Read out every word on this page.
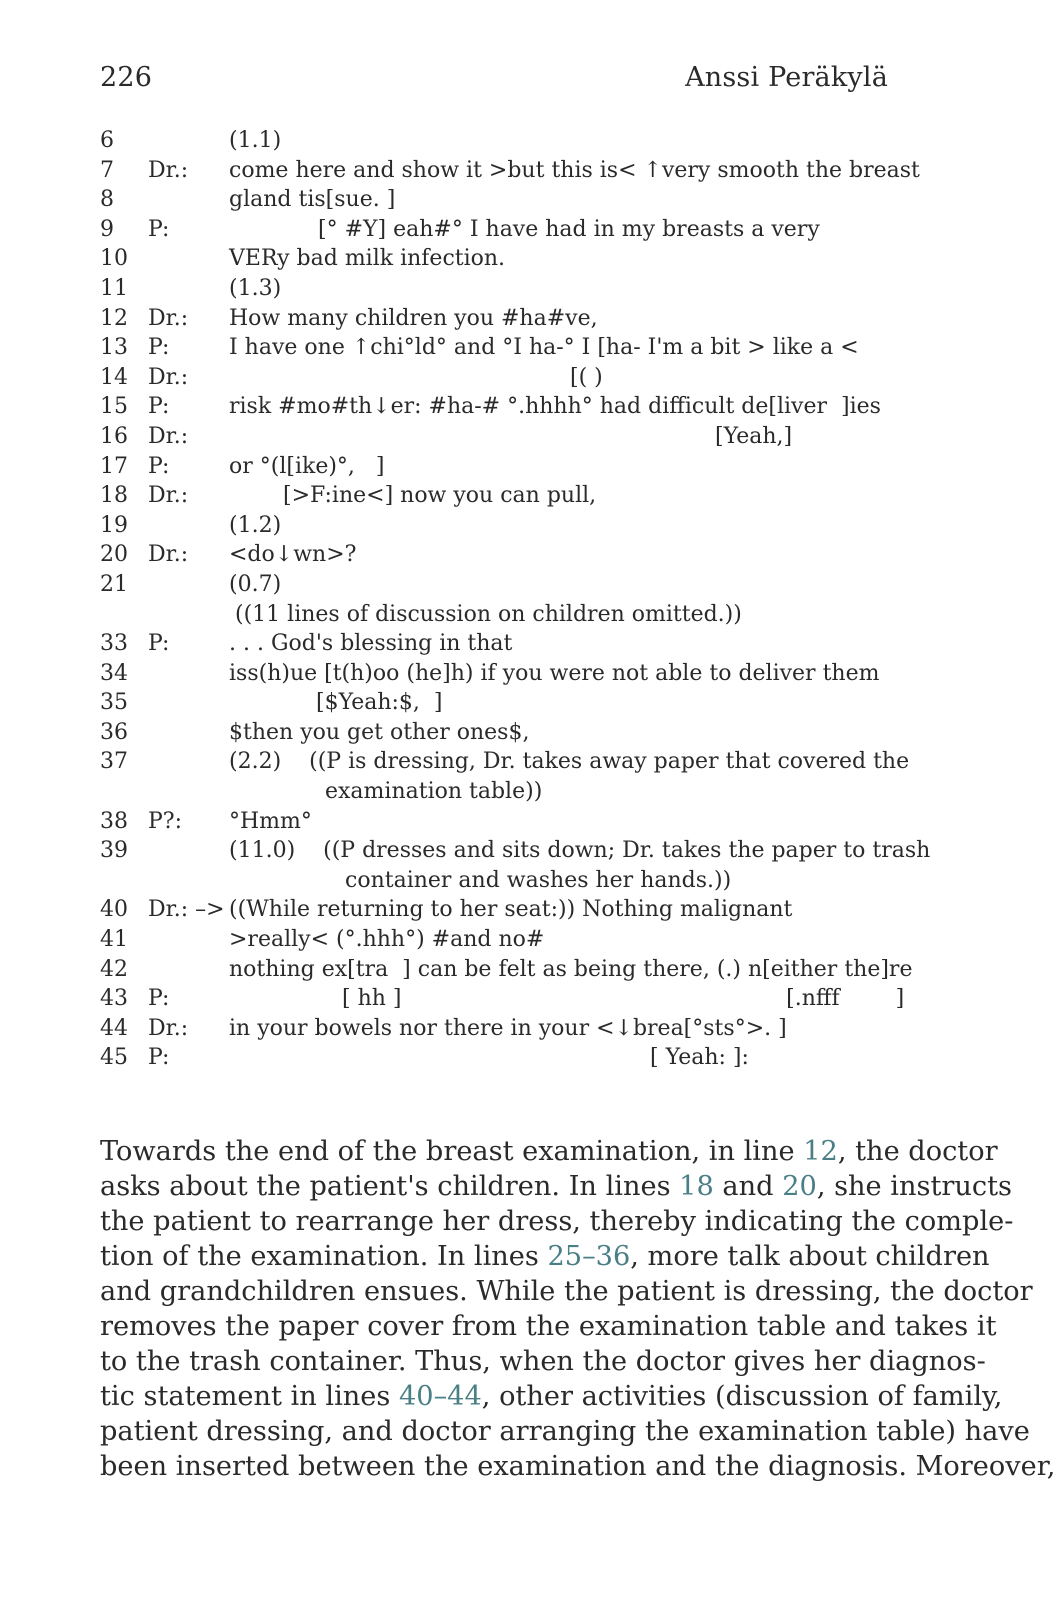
226	Anssi Peräkylä
6	(1.1)
7 Dr.: come here and show it >but this is< ↑very smooth the breast
8	gland tis[sue. ]
9 P:	[° #Y] eah#° I have had in my breasts a very
10	VERy bad milk infection.
11	(1.3)
12 Dr.: How many children you #ha#ve,
13 P:	I have one ↑chi°ld° and °I ha-° I [ha- I'm a bit > like a <
14 Dr.:	[( )
15 P:	risk #mo#th↓er: #ha-# °.hhhh° had difficult de[liver  ]ies
16 Dr.:	[Yeah,]
17 P:	or °(l[ike)°,   ]
18 Dr.:	[>F:ine<] now you can pull,
19	(1.2)
20 Dr.: <do↓wn>?
21	(0.7)
((11 lines of discussion on children omitted.))
33 P:	. . . God's blessing in that
34	iss(h)ue [t(h)oo (he]h) if you were not able to deliver them
35	[$Yeah:$,  ]
36	$then you get other ones$,
37	(2.2)    ((P is dressing, Dr. takes away paper that covered the
examination table))
38 P?: °Hmm°
39	(11.0)    ((P dresses and sits down; Dr. takes the paper to trash
container and washes her hands.))
40 Dr.: –> ((While returning to her seat:)) Nothing malignant
41	>really< (°.hhh°) #and no#
42	nothing ex[tra  ] can be felt as being there, (.) n[either the]re
43 P:	[ hh ]                                                       [.nfff        ]
44 Dr.: in your bowels nor there in your <↓brea[°sts°>. ]
45 P:	[ Yeah: ]:
Towards the end of the breast examination, in line 12, the doctor
asks about the patient's children. In lines 18 and 20, she instructs
the patient to rearrange her dress, thereby indicating the comple-
tion of the examination. In lines 25–36, more talk about children
and grandchildren ensues. While the patient is dressing, the doctor
removes the paper cover from the examination table and takes it
to the trash container. Thus, when the doctor gives her diagnos-
tic statement in lines 40–44, other activities (discussion of family,
patient dressing, and doctor arranging the examination table) have
been inserted between the examination and the diagnosis. Moreover,
